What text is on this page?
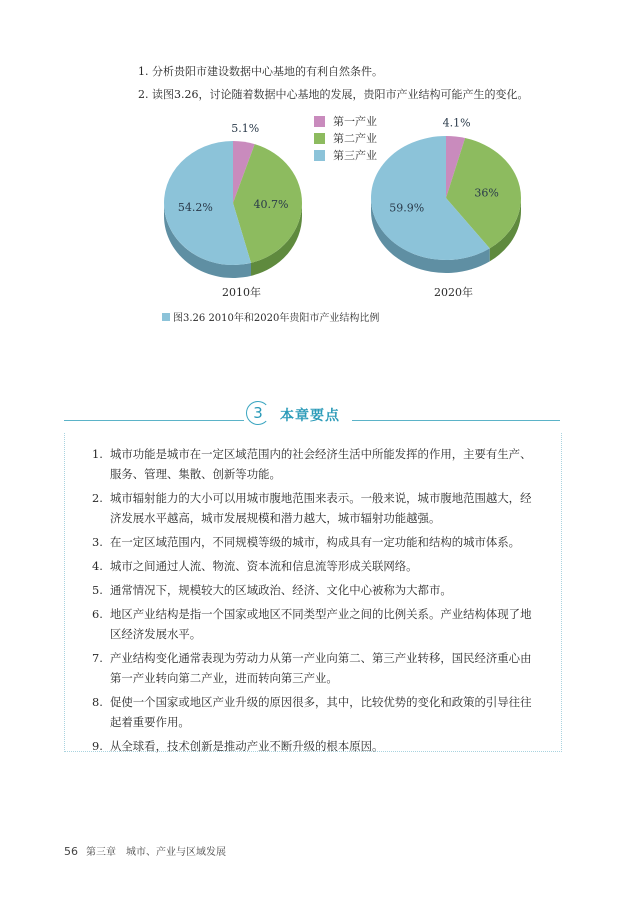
1. 分析贵阳市建设数据中心基地的有利自然条件。
2. 读图3.26，讨论随着数据中心基地的发展，贵阳市产业结构可能产生的变化。
5.1%
40.7%
54.2%
4.1%
36%
59.9%
第一产业
第二产业
第三产业
2010年	2020年
图3.26 2010年和2020年贵阳市产业结构比例
3	本章要点
1. 城市功能是城市在一定区域范围内的社会经济生活中所能发挥的作用，主要有生产、服务、管理、集散、创新等功能。
2. 城市辐射能力的大小可以用城市腹地范围来表示。一般来说，城市腹地范围越大，经济发展水平越高，城市发展规模和潜力越大，城市辐射功能越强。
3. 在一定区域范围内，不同规模等级的城市，构成具有一定功能和结构的城市体系。
4. 城市之间通过人流、物流、资本流和信息流等形成关联网络。
5. 通常情况下，规模较大的区域政治、经济、文化中心被称为大都市。
6. 地区产业结构是指一个国家或地区不同类型产业之间的比例关系。产业结构体现了地区经济发展水平。
7. 产业结构变化通常表现为劳动力从第一产业向第二、第三产业转移，国民经济重心由第一产业转向第二产业，进而转向第三产业。
8. 促使一个国家或地区产业升级的原因很多，其中，比较优势的变化和政策的引导往往起着重要作用。
9. 从全球看，技术创新是推动产业不断升级的根本原因。
56 第三章　城市、产业与区域发展
